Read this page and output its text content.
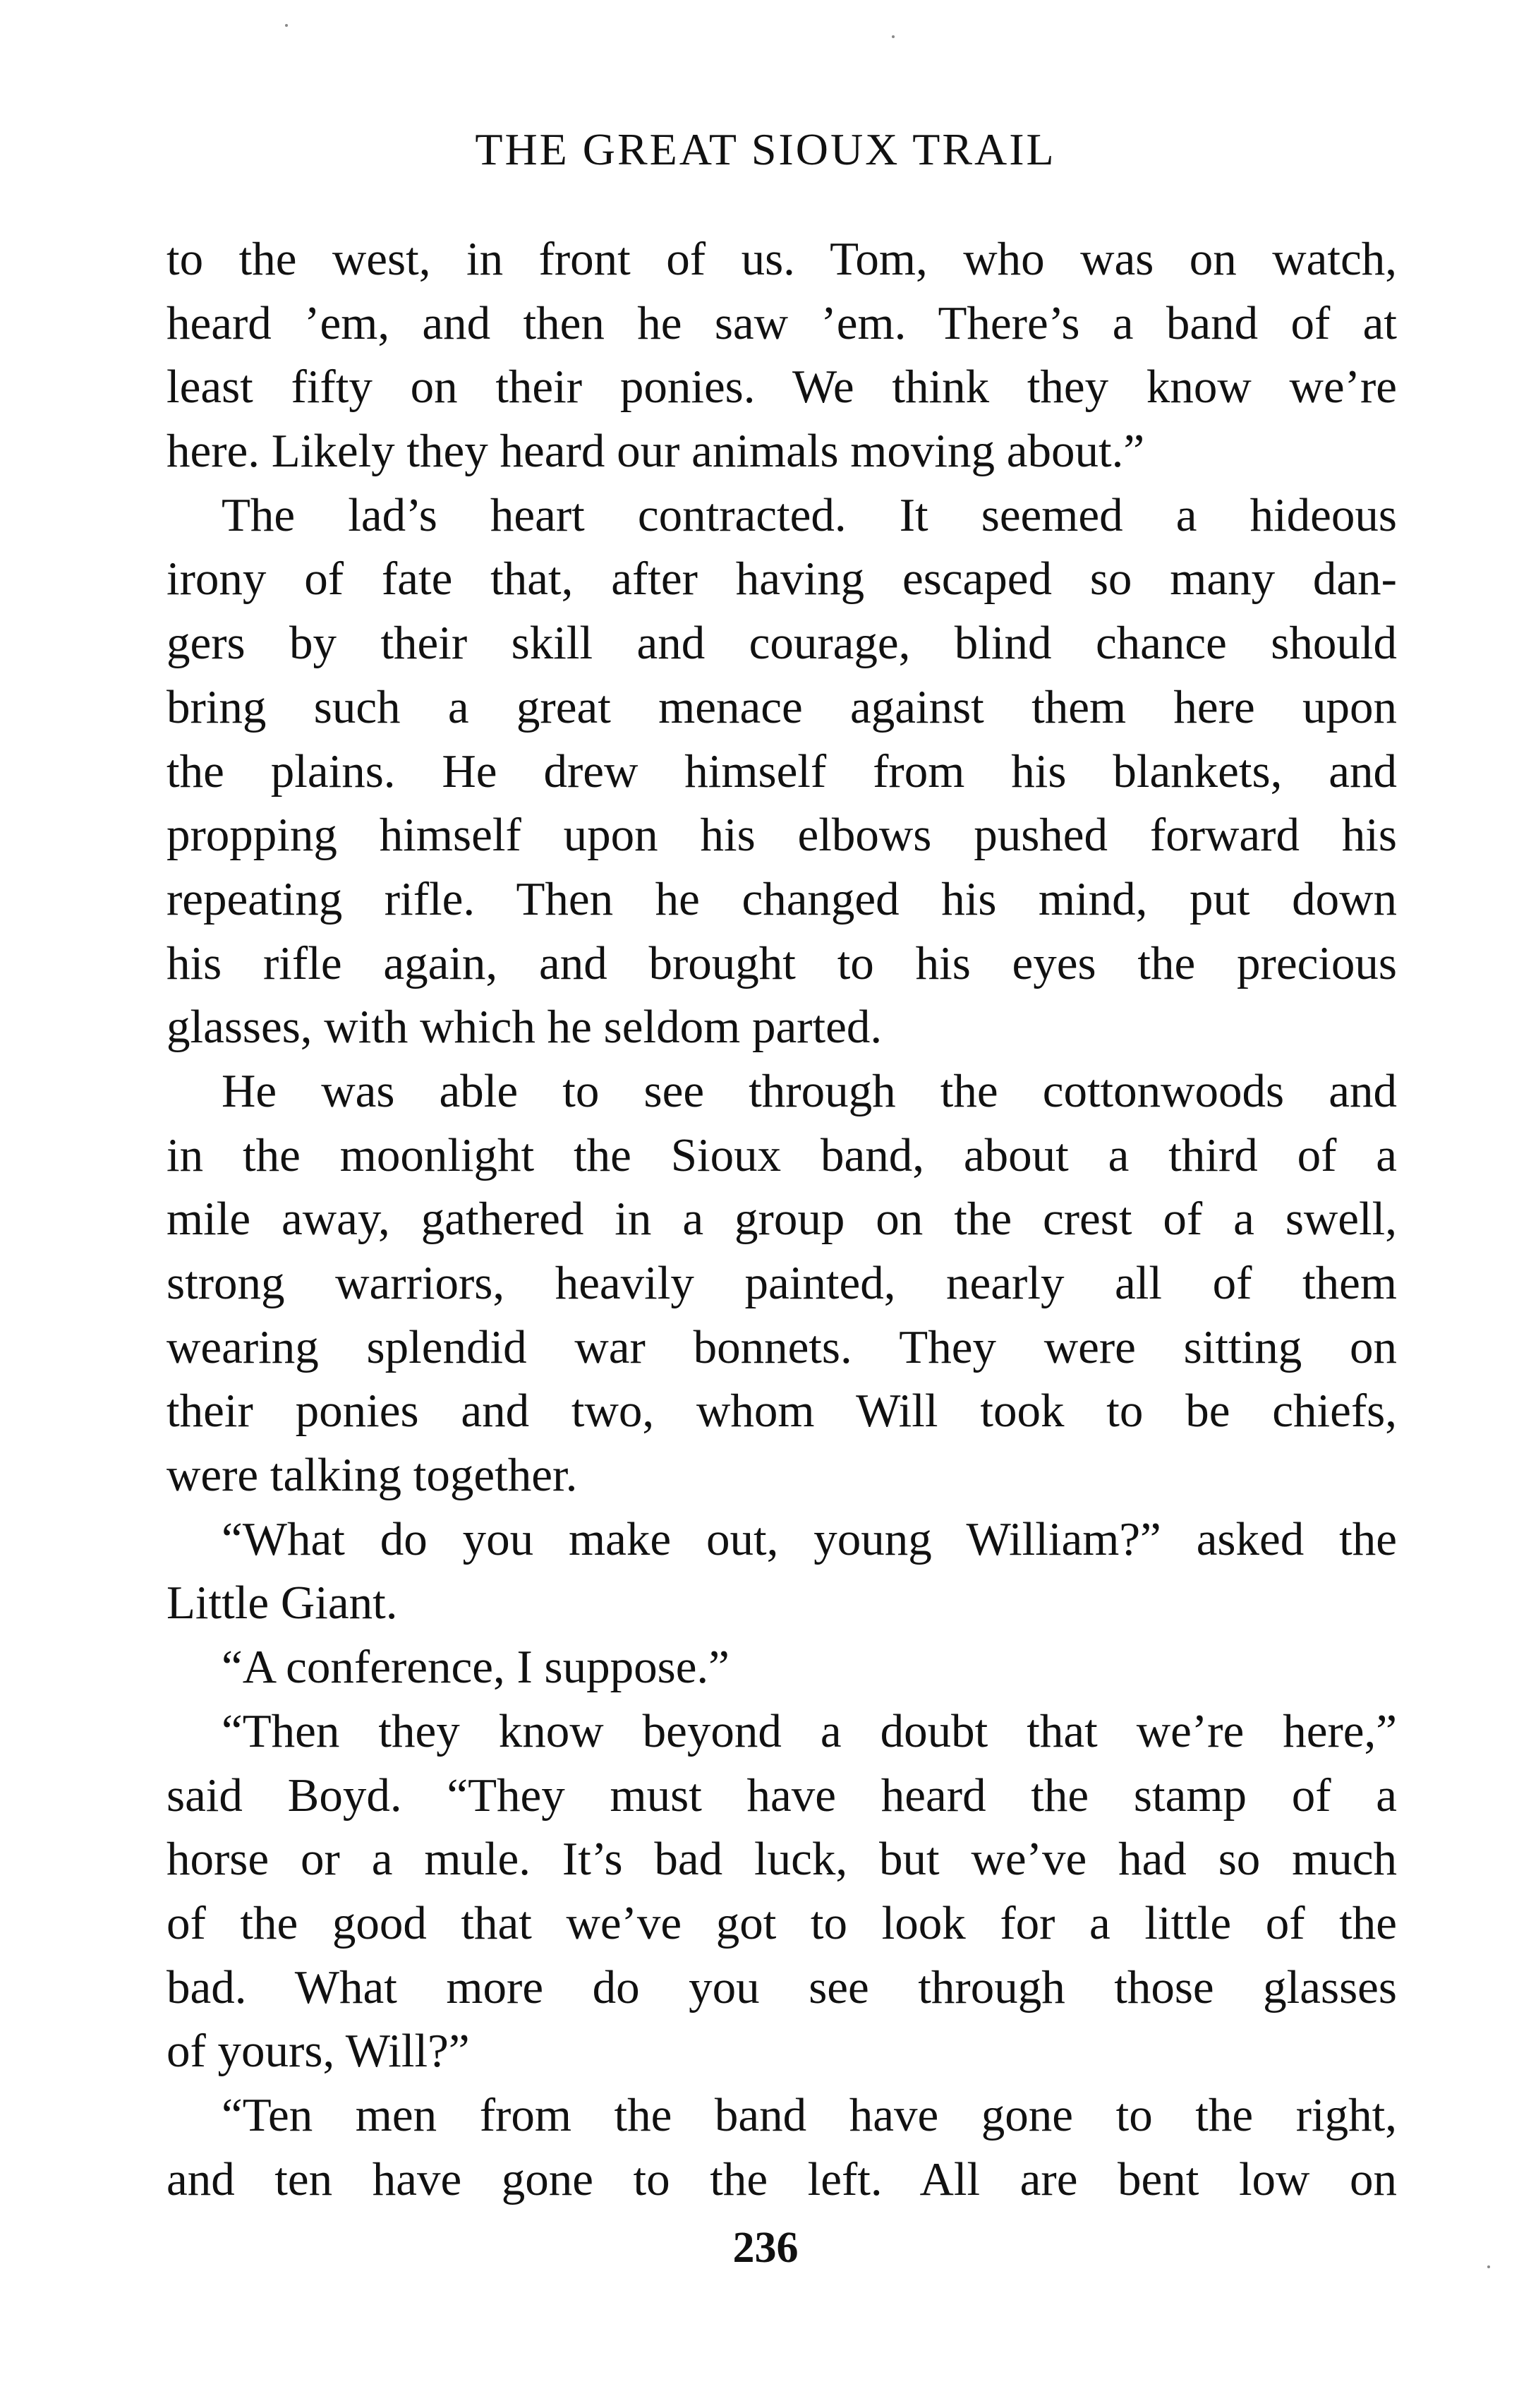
THE GREAT SIOUX TRAIL
to the west, in front of us. Tom, who was on watch,
heard ’em, and then he saw ’em. There’s a band of at
least fifty on their ponies. We think they know we’re
here. Likely they heard our animals moving about.”
The lad’s heart contracted. It seemed a hideous
irony of fate that, after having escaped so many dan-
gers by their skill and courage, blind chance should
bring such a great menace against them here upon
the plains. He drew himself from his blankets, and
propping himself upon his elbows pushed forward his
repeating rifle. Then he changed his mind, put down
his rifle again, and brought to his eyes the precious
glasses, with which he seldom parted.
He was able to see through the cottonwoods and
in the moonlight the Sioux band, about a third of a
mile away, gathered in a group on the crest of a swell,
strong warriors, heavily painted, nearly all of them
wearing splendid war bonnets. They were sitting on
their ponies and two, whom Will took to be chiefs,
were talking together.
“What do you make out, young William?” asked the
Little Giant.
“A conference, I suppose.”
“Then they know beyond a doubt that we’re here,”
said Boyd. “They must have heard the stamp of a
horse or a mule. It’s bad luck, but we’ve had so much
of the good that we’ve got to look for a little of the
bad. What more do you see through those glasses
of yours, Will?”
“Ten men from the band have gone to the right,
and ten have gone to the left. All are bent low on
236
